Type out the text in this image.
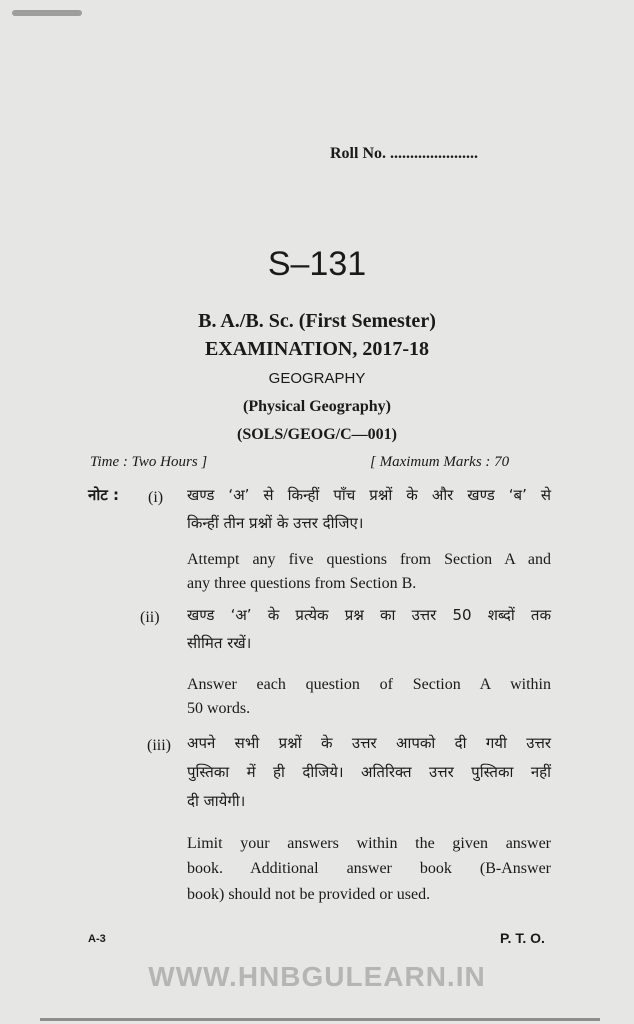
Roll No. ......................
S–131
B. A./B. Sc. (First Semester)
EXAMINATION, 2017-18
GEOGRAPHY
(Physical Geography)
(SOLS/GEOG/C—001)
Time : Two Hours ]	[ Maximum Marks : 70
नोट : (i) खण्ड ‘अ’ से किन्हीं पाँच प्रश्नों के और खण्ड ‘ब’ से
किन्हीं तीन प्रश्नों के उत्तर दीजिए।
Attempt any five questions from Section A and
any three questions from Section B.
(ii) खण्ड ‘अ’ के प्रत्येक प्रश्न का उत्तर 50 शब्दों तक
सीमित रखें।
Answer each question of Section A within
50 words.
(iii) अपने सभी प्रश्नों के उत्तर आपको दी गयी उत्तर
पुस्तिका में ही दीजिये। अतिरिक्त उत्तर पुस्तिका नहीं
दी जायेगी।
Limit your answers within the given answer
book. Additional answer book (B-Answer
book) should not be provided or used.
A-3	P. T. O.
WWW.HNBGULEARN.IN
